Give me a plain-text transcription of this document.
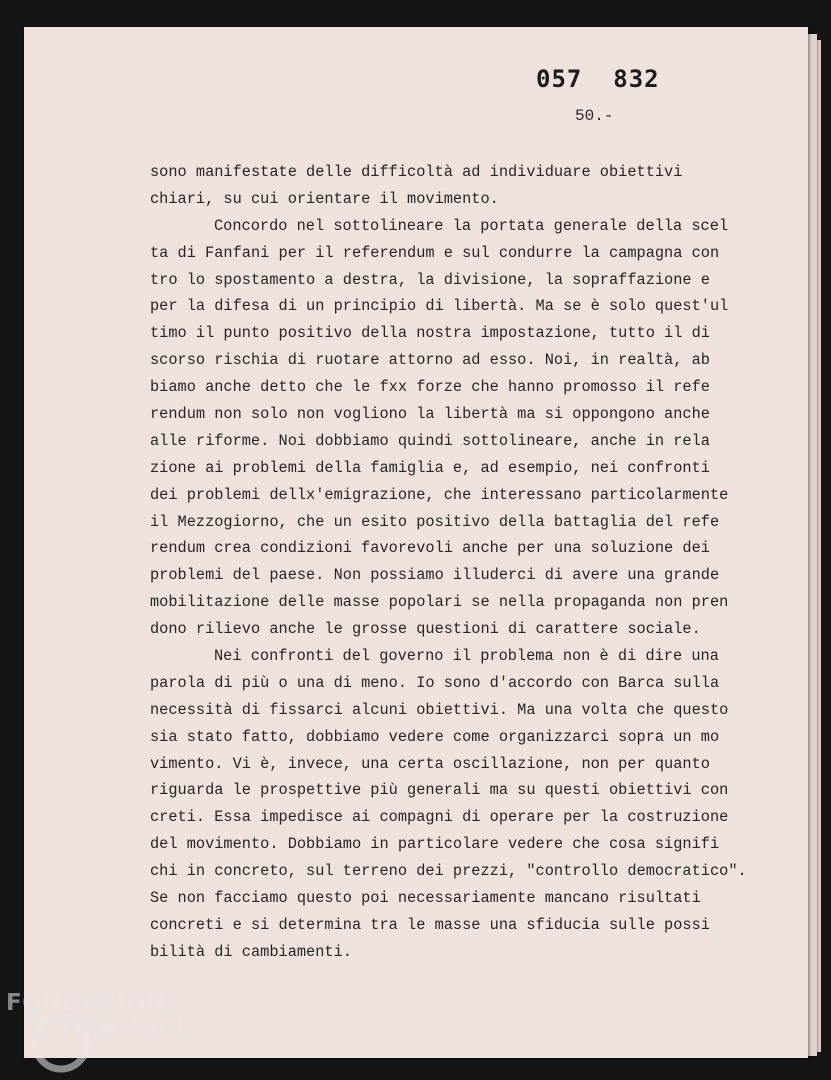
057  832
50.-
sono manifestate delle difficoltà ad individuare obiettivi
chiari, su cui orientare il movimento.
Concordo nel sottolineare la portata generale della scel
ta di Fanfani per il referendum e sul condurre la campagna con
tro lo spostamento a destra, la divisione, la sopraffazione e
per la difesa di un principio di libertà. Ma se è solo quest'ul
timo il punto positivo della nostra impostazione, tutto il di
scorso rischia di ruotare attorno ad esso. Noi, in realtà, ab
biamo anche detto che le fxx forze che hanno promosso il refe
rendum non solo non vogliono la libertà ma si oppongono anche
alle riforme. Noi dobbiamo quindi sottolineare, anche in rela
zione ai problemi della famiglia e, ad esempio, nei confronti
dei problemi dellx'emigrazione, che interessano particolarmente
il Mezzogiorno, che un esito positivo della battaglia del refe
rendum crea condizioni favorevoli anche per una soluzione dei
problemi del paese. Non possiamo illuderci di avere una grande
mobilitazione delle masse popolari se nella propaganda non pren
dono rilievo anche le grosse questioni di carattere sociale.
Nei confronti del governo il problema non è di dire una
parola di più o una di meno. Io sono d'accordo con Barca sulla
necessità di fissarci alcuni obiettivi. Ma una volta che questo
sia stato fatto, dobbiamo vedere come organizzarci sopra un mo
vimento. Vi è, invece, una certa oscillazione, non per quanto
riguarda le prospettive più generali ma su questi obiettivi con
creti. Essa impedisce ai compagni di operare per la costruzione
del movimento. Dobbiamo in particolare vedere che cosa signifi
chi in concreto, sul terreno dei prezzi, "controllo democratico".
Se non facciamo questo poi necessariamente mancano risultati
concreti e si determina tra le masse una sfiducia sulle possi
bilità di cambiamenti.
FONDAZIONE
GRAMSCI
onlus
